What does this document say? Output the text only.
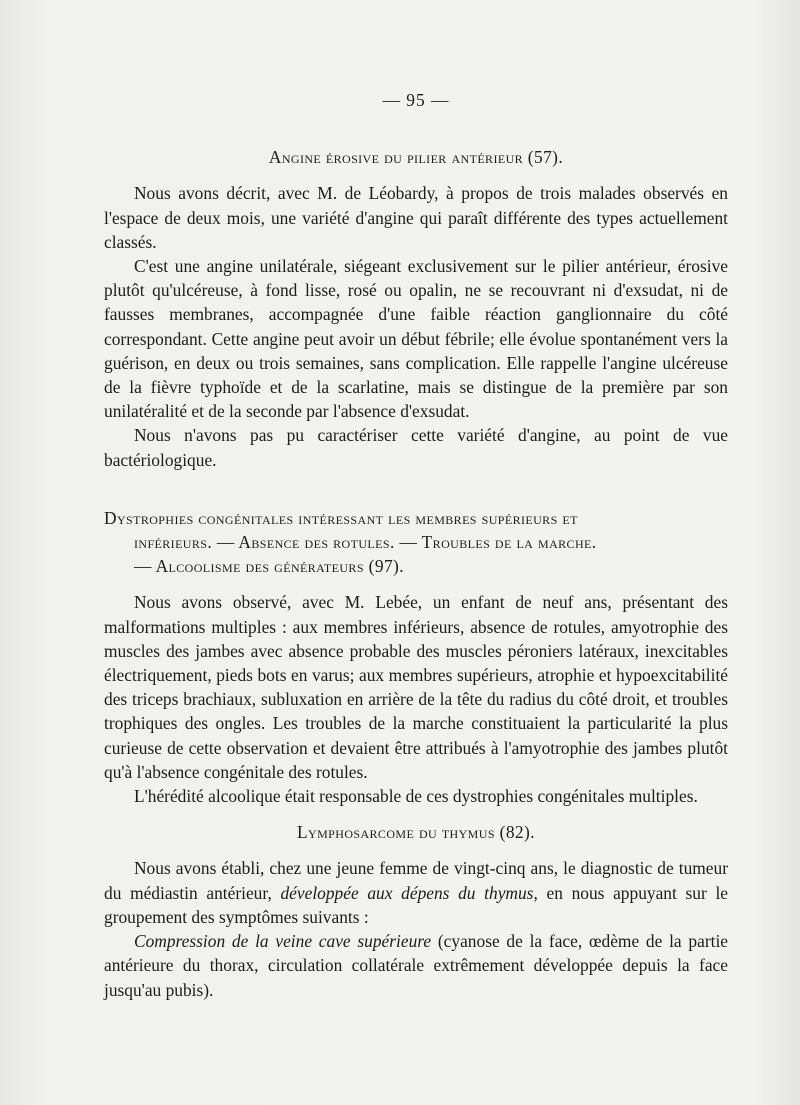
— 95 —
Angine érosive du pilier antérieur (57).

Nous avons décrit, avec M. de Léobardy, à propos de trois malades observés en l'espace de deux mois, une variété d'angine qui paraît différente des types actuellement classés.

C'est une angine unilatérale, siégeant exclusivement sur le pilier antérieur, érosive plutôt qu'ulcéreuse, à fond lisse, rosé ou opalin, ne se recouvrant ni d'exsudat, ni de fausses membranes, accompagnée d'une faible réaction ganglionnaire du côté correspondant. Cette angine peut avoir un début fébrile; elle évolue spontanément vers la guérison, en deux ou trois semaines, sans complication. Elle rappelle l'angine ulcéreuse de la fièvre typhoïde et de la scarlatine, mais se distingue de la première par son unilatéralité et de la seconde par l'absence d'exsudat.

Nous n'avons pas pu caractériser cette variété d'angine, au point de vue bactériologique.

Dystrophies congénitales intéressant les membres supérieurs et
inférieurs. — Absence des rotules. — Troubles de la marche.
— Alcoolisme des générateurs (97).

Nous avons observé, avec M. Lebée, un enfant de neuf ans, présentant des malformations multiples : aux membres inférieurs, absence de rotules, amyotrophie des muscles des jambes avec absence probable des muscles péroniers latéraux, inexcitables électriquement, pieds bots en varus; aux membres supérieurs, atrophie et hypoexcitabilité des triceps brachiaux, subluxation en arrière de la tête du radius du côté droit, et troubles trophiques des ongles. Les troubles de la marche constituaient la particularité la plus curieuse de cette observation et devaient être attribués à l'amyotrophie des jambes plutôt qu'à l'absence congénitale des rotules.

L'hérédité alcoolique était responsable de ces dystrophies congénitales multiples.

Lymphosarcome du thymus (82).

Nous avons établi, chez une jeune femme de vingt-cinq ans, le diagnostic de tumeur du médiastin antérieur, développée aux dépens du thymus, en nous appuyant sur le groupement des symptômes suivants :

Compression de la veine cave supérieure (cyanose de la face, œdème de la partie antérieure du thorax, circulation collatérale extrêmement développée depuis la face jusqu'au pubis).
